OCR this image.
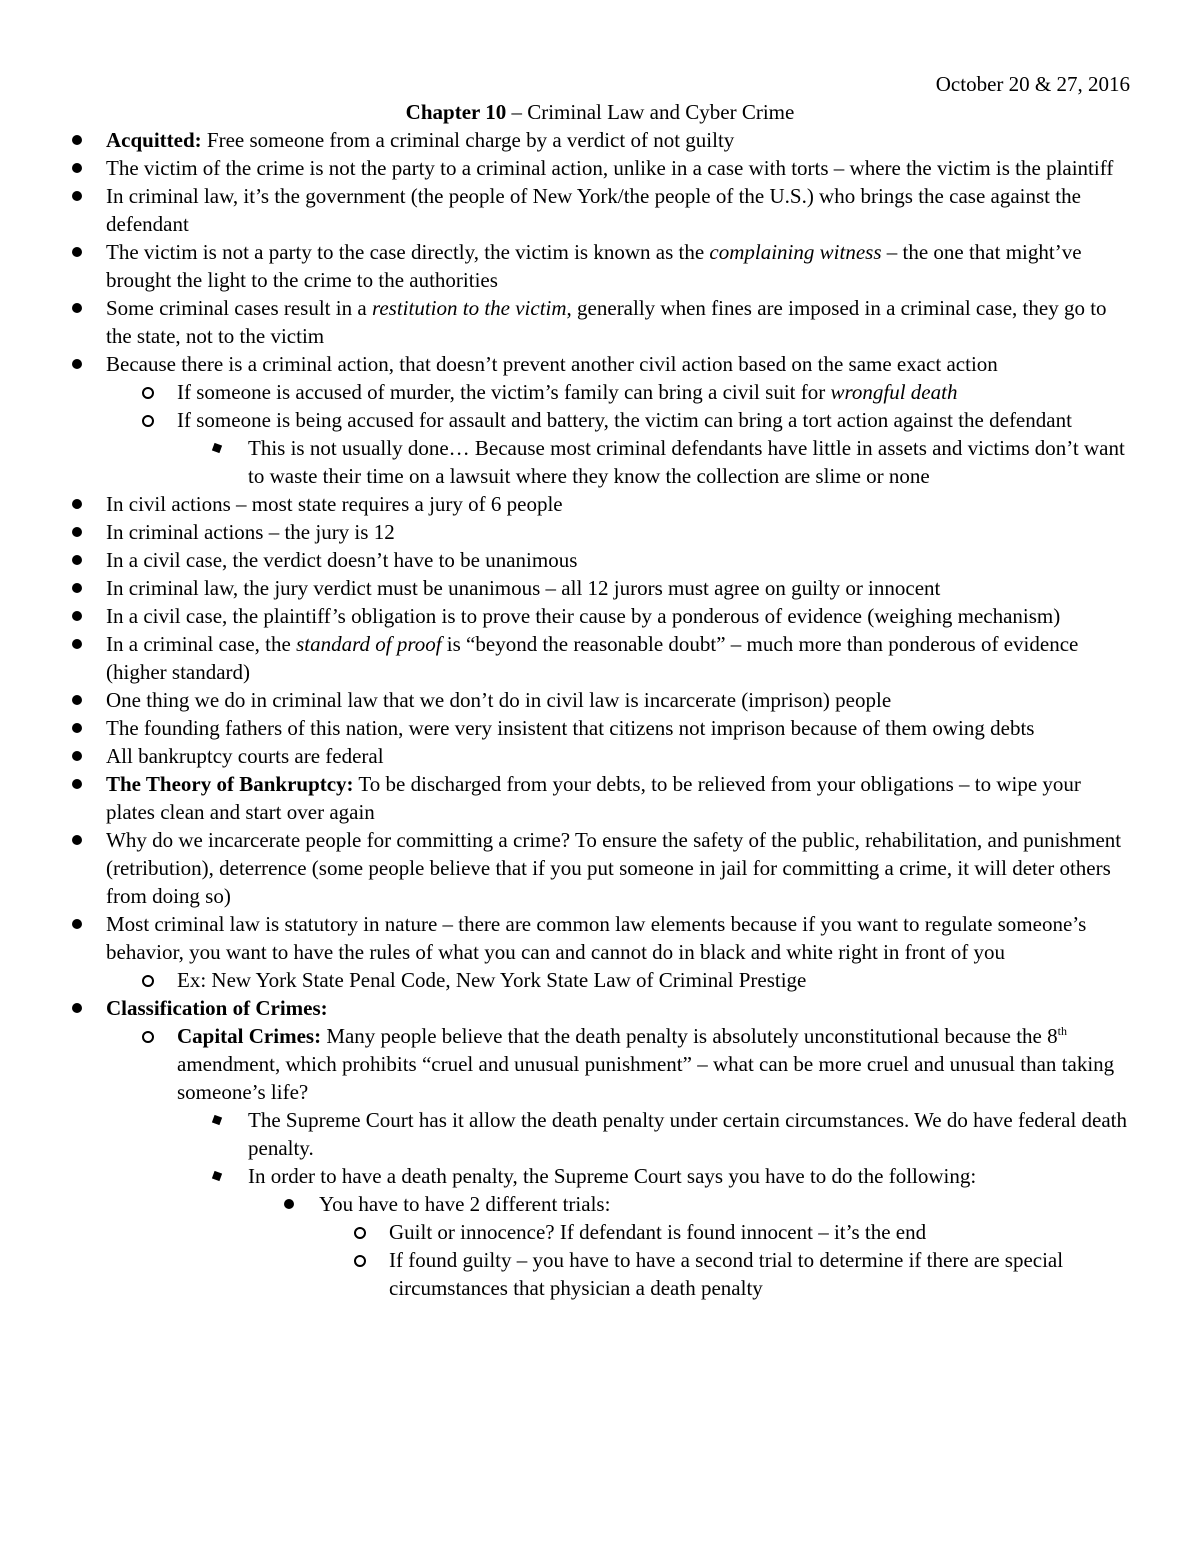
October 20 & 27, 2016
Chapter 10 – Criminal Law and Cyber Crime
Acquitted: Free someone from a criminal charge by a verdict of not guilty
The victim of the crime is not the party to a criminal action, unlike in a case with torts – where the victim is the plaintiff
In criminal law, it’s the government (the people of New York/the people of the U.S.) who brings the case against the defendant
The victim is not a party to the case directly, the victim is known as the complaining witness – the one that might’ve brought the light to the crime to the authorities
Some criminal cases result in a restitution to the victim, generally when fines are imposed in a criminal case, they go to the state, not to the victim
Because there is a criminal action, that doesn’t prevent another civil action based on the same exact action
If someone is accused of murder, the victim’s family can bring a civil suit for wrongful death
If someone is being accused for assault and battery, the victim can bring a tort action against the defendant
This is not usually done… Because most criminal defendants have little in assets and victims don’t want to waste their time on a lawsuit where they know the collection are slime or none
In civil actions – most state requires a jury of 6 people
In criminal actions – the jury is 12
In a civil case, the verdict doesn’t have to be unanimous
In criminal law, the jury verdict must be unanimous – all 12 jurors must agree on guilty or innocent
In a civil case, the plaintiff’s obligation is to prove their cause by a ponderous of evidence (weighing mechanism)
In a criminal case, the standard of proof is “beyond the reasonable doubt” – much more than ponderous of evidence (higher standard)
One thing we do in criminal law that we don’t do in civil law is incarcerate (imprison) people
The founding fathers of this nation, were very insistent that citizens not imprison because of them owing debts
All bankruptcy courts are federal
The Theory of Bankruptcy: To be discharged from your debts, to be relieved from your obligations – to wipe your plates clean and start over again
Why do we incarcerate people for committing a crime? To ensure the safety of the public, rehabilitation, and punishment (retribution), deterrence (some people believe that if you put someone in jail for committing a crime, it will deter others from doing so)
Most criminal law is statutory in nature – there are common law elements because if you want to regulate someone’s behavior, you want to have the rules of what you can and cannot do in black and white right in front of you
Ex: New York State Penal Code, New York State Law of Criminal Prestige
Classification of Crimes:
Capital Crimes: Many people believe that the death penalty is absolutely unconstitutional because the 8th amendment, which prohibits “cruel and unusual punishment” – what can be more cruel and unusual than taking someone’s life?
The Supreme Court has it allow the death penalty under certain circumstances. We do have federal death penalty.
In order to have a death penalty, the Supreme Court says you have to do the following:
You have to have 2 different trials:
Guilt or innocence? If defendant is found innocent – it’s the end
If found guilty – you have to have a second trial to determine if there are special circumstances that physician a death penalty
